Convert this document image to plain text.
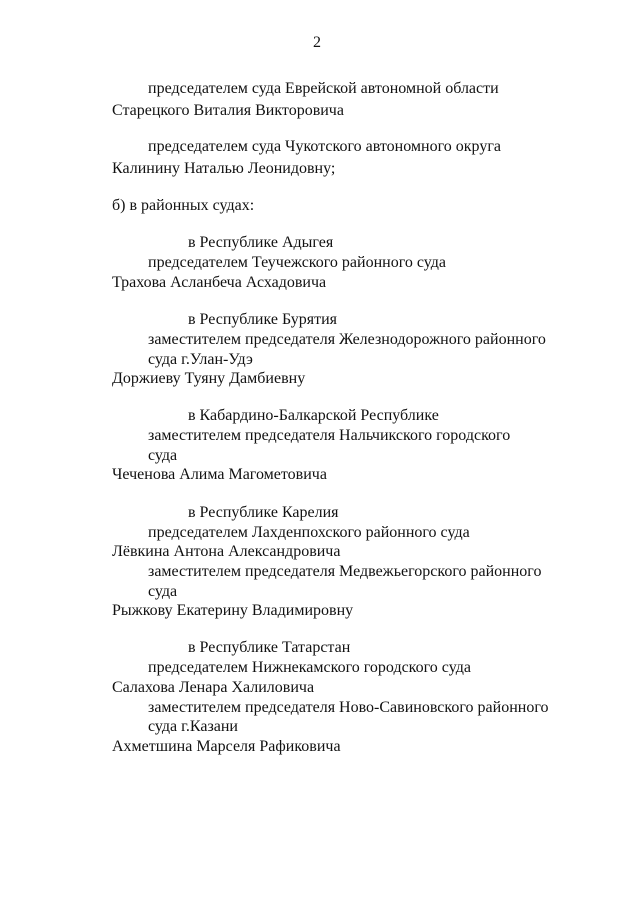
2
председателем суда Еврейской автономной области
Старецкого Виталия Викторовича
председателем суда Чукотского автономного округа
Калинину Наталью Леонидовну;
б) в районных судах:
в Республике Адыгея
председателем Теучежского районного суда
Трахова Асланбеча Асхадовича
в Республике Бурятия
заместителем председателя Железнодорожного районного
суда г.Улан-Удэ
Доржиеву Туяну Дамбиевну
в Кабардино-Балкарской Республике
заместителем председателя Нальчикского городского
суда
Чеченова Алима Магометовича
в Республике Карелия
председателем Лахденпохского районного суда
Лёвкина Антона Александровича
заместителем председателя Медвежьегорского районного
суда
Рыжкову Екатерину Владимировну
в Республике Татарстан
председателем Нижнекамского городского суда
Салахова Ленара Халиловича
заместителем председателя Ново-Савиновского районного
суда г.Казани
Ахметшина Марселя Рафиковича
